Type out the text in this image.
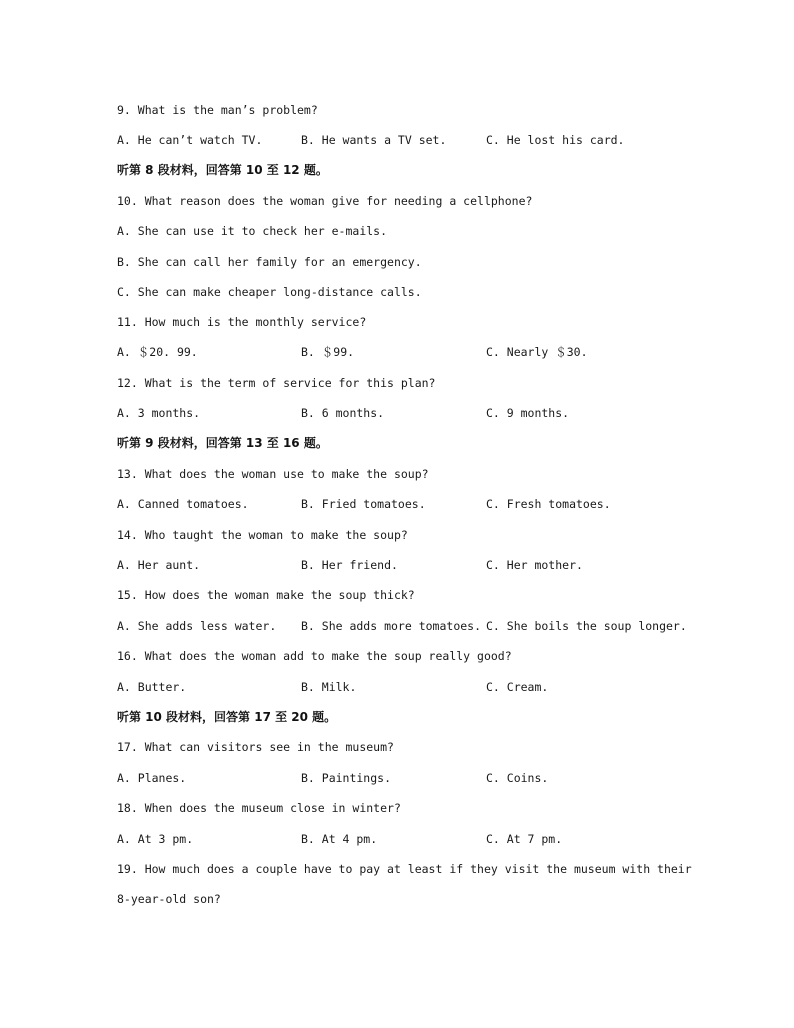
9. What is the man’s problem?
A. He can’t watch TV.	B. He wants a TV set.	C. He lost his card.
听第 8 段材料，回答第 10 至 12 题。
10. What reason does the woman give for needing a cellphone?
A. She can use it to check her e-mails.
B. She can call her family for an emergency.
C. She can make cheaper long-distance calls.
11. How much is the monthly service?
A. ＄20. 99.	B. ＄99.	C. Nearly ＄30.
12. What is the term of service for this plan?
A. 3 months.	B. 6 months.	C. 9 months.
听第 9 段材料，回答第 13 至 16 题。
13. What does the woman use to make the soup?
A. Canned tomatoes.	B. Fried tomatoes.	C. Fresh tomatoes.
14. Who taught the woman to make the soup?
A. Her aunt.	B. Her friend.	C. Her mother.
15. How does the woman make the soup thick?
A. She adds less water. B. She adds more tomatoes. C. She boils the soup longer.
16. What does the woman add to make the soup really good?
A. Butter.	B. Milk.	C. Cream.
听第 10 段材料，回答第 17 至 20 题。
17. What can visitors see in the museum?
A. Planes.	B. Paintings.	C. Coins.
18. When does the museum close in winter?
A. At 3 pm.	B. At 4 pm.	C. At 7 pm.
19. How much does a couple have to pay at least if they visit the museum with their
8-year-old son?
